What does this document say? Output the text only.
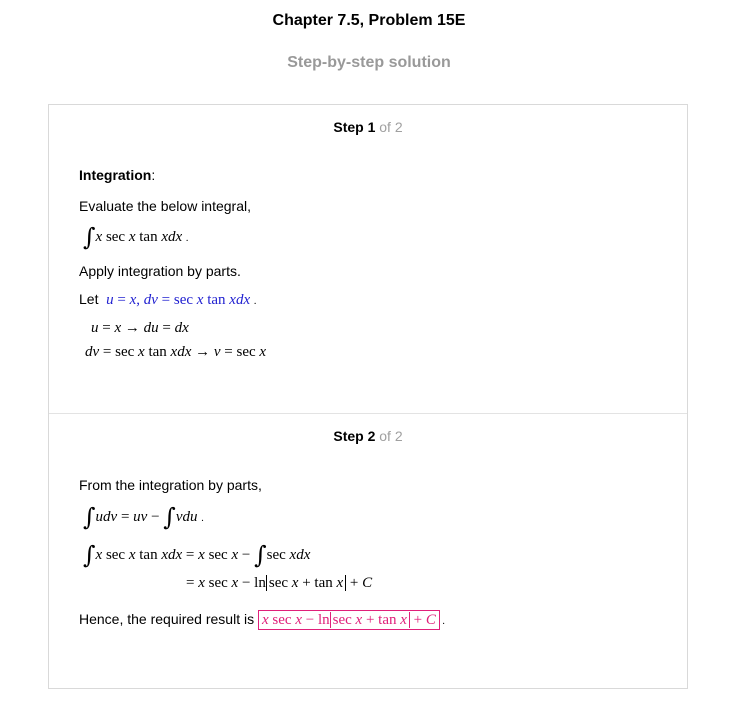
Chapter 7.5, Problem 15E
Step-by-step solution
Step 1 of 2
Integration:
Evaluate the below integral,
∫x sec x tan xdx .
Apply integration by parts.
Let u = x, dv = sec x tan xdx .
u = x → du = dx
dv = sec x tan xdx → v = sec x
Step 2 of 2
From the integration by parts,
∫udv = uv − ∫vdu .
∫x sec x tan xdx = x sec x − ∫sec xdx
= x sec x − ln sec x + tan x + C
Hence, the required result is x sec x − ln sec x + tan x + C .
